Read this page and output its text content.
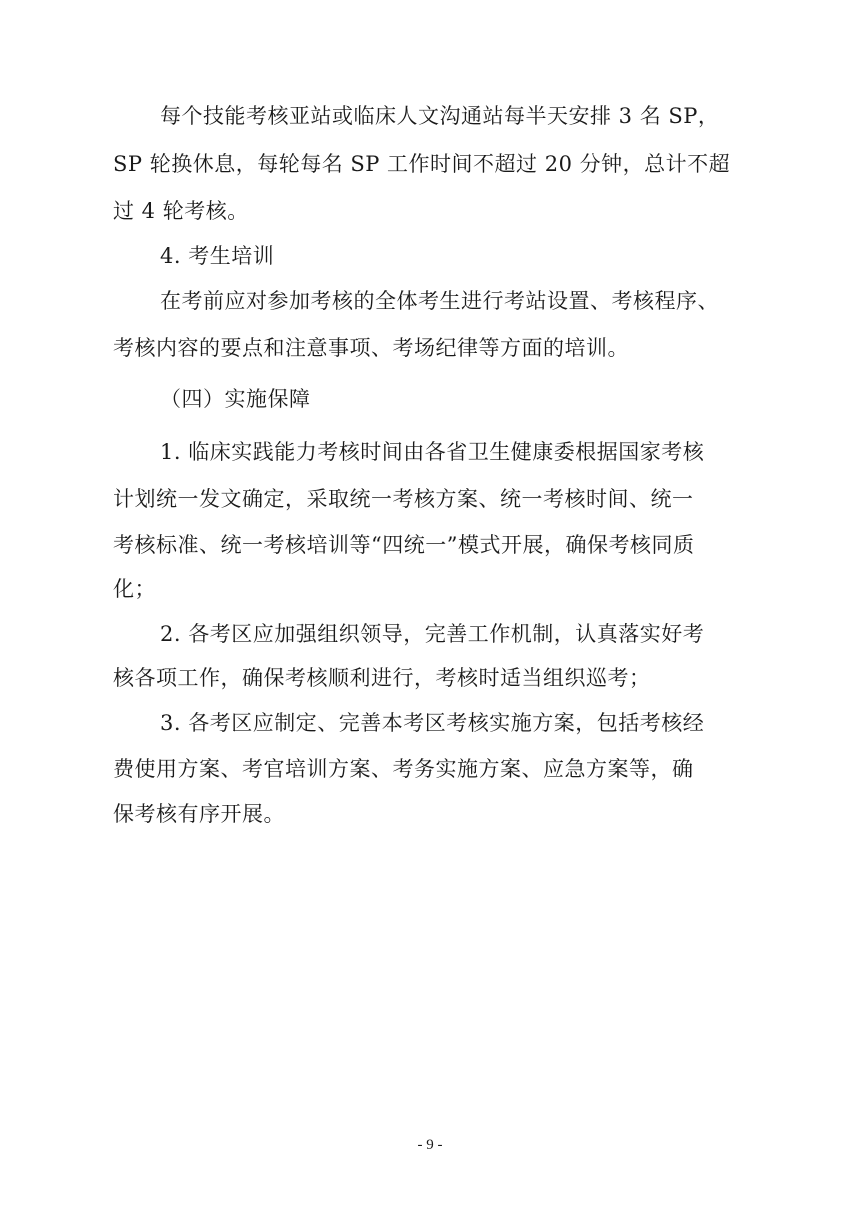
每个技能考核亚站或临床人文沟通站每半天安排 3 名 SP，
SP 轮换休息，每轮每名 SP 工作时间不超过 20 分钟，总计不超
过 4 轮考核。
4. 考生培训
在考前应对参加考核的全体考生进行考站设置、考核程序、
考核内容的要点和注意事项、考场纪律等方面的培训。
（四）实施保障
1. 临床实践能力考核时间由各省卫生健康委根据国家考核
计划统一发文确定，采取统一考核方案、统一考核时间、统一
考核标准、统一考核培训等“四统一”模式开展，确保考核同质
化；
2. 各考区应加强组织领导，完善工作机制，认真落实好考
核各项工作，确保考核顺利进行，考核时适当组织巡考；
3. 各考区应制定、完善本考区考核实施方案，包括考核经
费使用方案、考官培训方案、考务实施方案、应急方案等，确
保考核有序开展。
- 9 -
